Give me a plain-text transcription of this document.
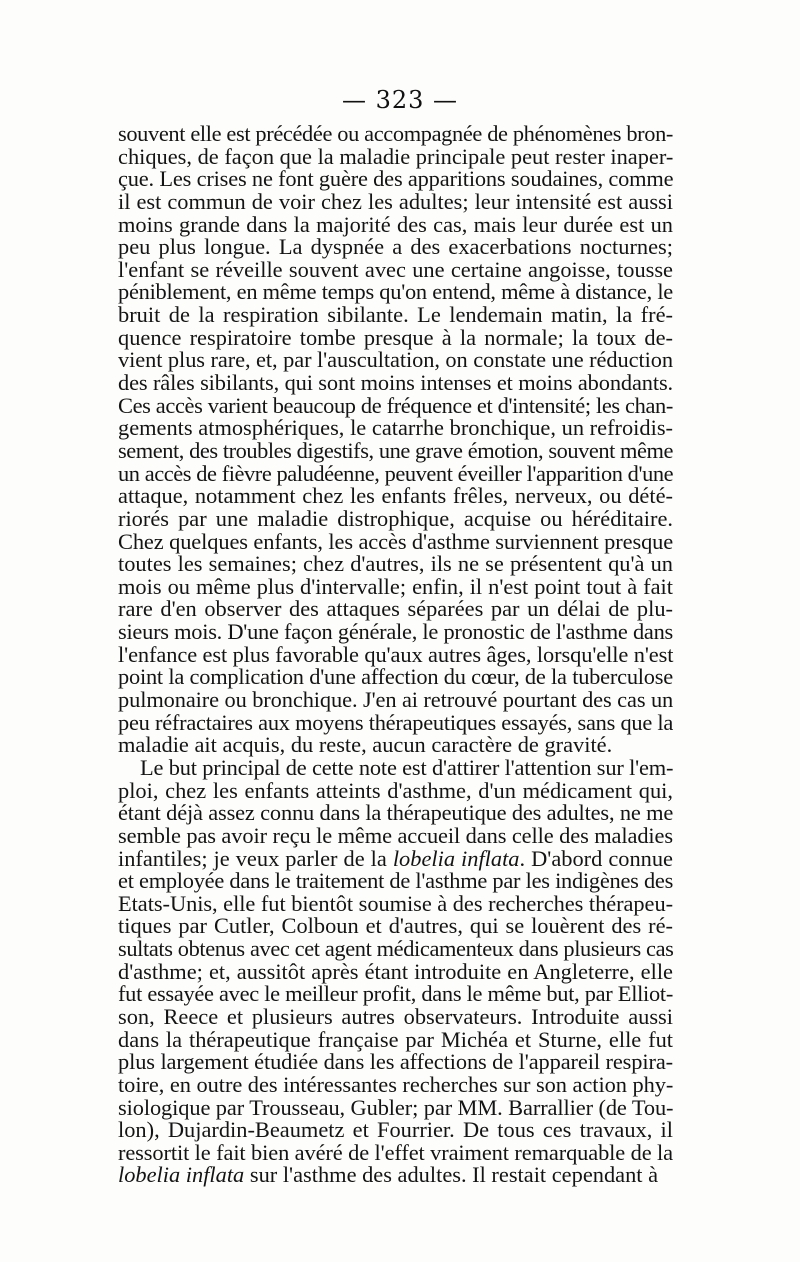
— 323 —
souvent elle est précédée ou accompagnée de phénomènes bron-
chiques, de façon que la maladie principale peut rester inaper-
çue. Les crises ne font guère des apparitions soudaines, comme
il est commun de voir chez les adultes; leur intensité est aussi
moins grande dans la majorité des cas, mais leur durée est un
peu plus longue. La dyspnée a des exacerbations nocturnes;
l'enfant se réveille souvent avec une certaine angoisse, tousse
péniblement, en même temps qu'on entend, même à distance, le
bruit de la respiration sibilante. Le lendemain matin, la fré-
quence respiratoire tombe presque à la normale; la toux de-
vient plus rare, et, par l'auscultation, on constate une réduction
des râles sibilants, qui sont moins intenses et moins abondants.
Ces accès varient beaucoup de fréquence et d'intensité; les chan-
gements atmosphériques, le catarrhe bronchique, un refroidis-
sement, des troubles digestifs, une grave émotion, souvent même
un accès de fièvre paludéenne, peuvent éveiller l'apparition d'une
attaque, notamment chez les enfants frêles, nerveux, ou dété-
riorés par une maladie distrophique, acquise ou héréditaire.
Chez quelques enfants, les accès d'asthme surviennent presque
toutes les semaines; chez d'autres, ils ne se présentent qu'à un
mois ou même plus d'intervalle; enfin, il n'est point tout à fait
rare d'en observer des attaques séparées par un délai de plu-
sieurs mois. D'une façon générale, le pronostic de l'asthme dans
l'enfance est plus favorable qu'aux autres âges, lorsqu'elle n'est
point la complication d'une affection du cœur, de la tuberculose
pulmonaire ou bronchique. J'en ai retrouvé pourtant des cas un
peu réfractaires aux moyens thérapeutiques essayés, sans que la
maladie ait acquis, du reste, aucun caractère de gravité.
Le but principal de cette note est d'attirer l'attention sur l'em-
ploi, chez les enfants atteints d'asthme, d'un médicament qui,
étant déjà assez connu dans la thérapeutique des adultes, ne me
semble pas avoir reçu le même accueil dans celle des maladies
infantiles; je veux parler de la lobelia inflata. D'abord connue
et employée dans le traitement de l'asthme par les indigènes des
Etats-Unis, elle fut bientôt soumise à des recherches thérapeu-
tiques par Cutler, Colboun et d'autres, qui se louèrent des ré-
sultats obtenus avec cet agent médicamenteux dans plusieurs cas
d'asthme; et, aussitôt après étant introduite en Angleterre, elle
fut essayée avec le meilleur profit, dans le même but, par Elliot-
son, Reece et plusieurs autres observateurs. Introduite aussi
dans la thérapeutique française par Michéa et Sturne, elle fut
plus largement étudiée dans les affections de l'appareil respira-
toire, en outre des intéressantes recherches sur son action phy-
siologique par Trousseau, Gubler; par MM. Barrallier (de Tou-
lon), Dujardin-Beaumetz et Fourrier. De tous ces travaux, il
ressortit le fait bien avéré de l'effet vraiment remarquable de la
lobelia inflata sur l'asthme des adultes. Il restait cependant à
